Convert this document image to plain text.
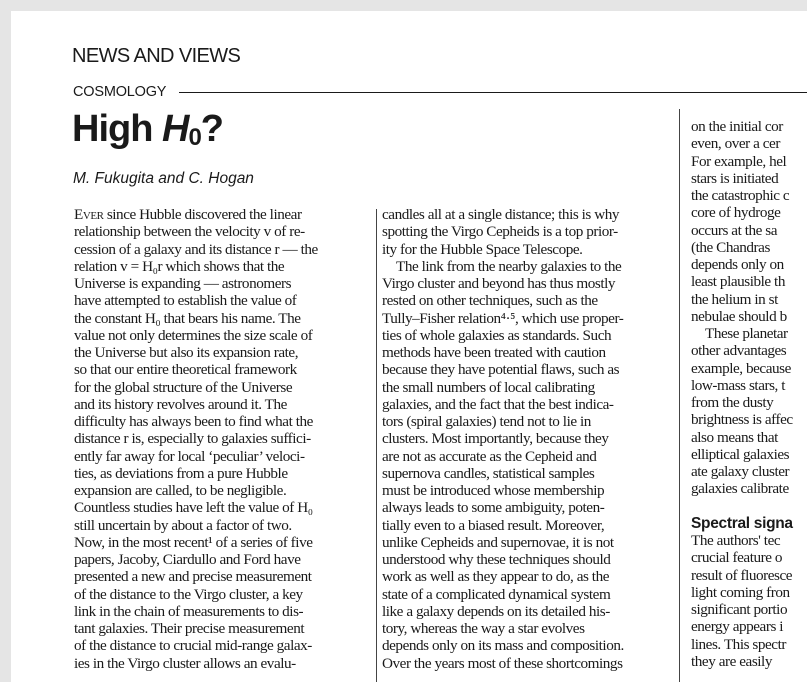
NEWS AND VIEWS
COSMOLOGY
High $H_0$?
M. Fukugita and C. Hogan
Ever since Hubble discovered the linear
relationship between the velocity v of re-
cession of a galaxy and its distance r — the
relation v = H₀r which shows that the
Universe is expanding — astronomers
have attempted to establish the value of
the constant H₀ that bears his name. The
value not only determines the size scale of
the Universe but also its expansion rate,
so that our entire theoretical framework
for the global structure of the Universe
and its history revolves around it. The
difficulty has always been to find what the
distance r is, especially to galaxies suffici-
ently far away for local ‘peculiar’ veloci-
ties, as deviations from a pure Hubble
expansion are called, to be negligible.
Countless studies have left the value of H₀
still uncertain by about a factor of two.
Now, in the most recent¹ of a series of five
papers, Jacoby, Ciardullo and Ford have
presented a new and precise measurement
of the distance to the Virgo cluster, a key
link in the chain of measurements to dis-
tant galaxies. Their precise measurement
of the distance to crucial mid-range galax-
ies in the Virgo cluster allows an evalu-
candles all at a single distance; this is why
spotting the Virgo Cepheids is a top prior-
ity for the Hubble Space Telescope.
The link from the nearby galaxies to the
Virgo cluster and beyond has thus mostly
rested on other techniques, such as the
Tully–Fisher relation⁴·⁵, which use proper-
ties of whole galaxies as standards. Such
methods have been treated with caution
because they have potential flaws, such as
the small numbers of local calibrating
galaxies, and the fact that the best indica-
tors (spiral galaxies) tend not to lie in
clusters. Most importantly, because they
are not as accurate as the Cepheid and
supernova candles, statistical samples
must be introduced whose membership
always leads to some ambiguity, poten-
tially even to a biased result. Moreover,
unlike Cepheids and supernovae, it is not
understood why these techniques should
work as well as they appear to do, as the
state of a complicated dynamical system
like a galaxy depends on its detailed his-
tory, whereas the way a star evolves
depends only on its mass and composition.
Over the years most of these shortcomings
on the initial cor
even, over a cer
For example, hel
stars is initiated
the catastrophic c
core of hydroge
occurs at the sa
(the Chandras
depends only on
least plausible th
the helium in st
nebulae should b
These planetar
other advantages
example, because
low-mass stars, t
from the dusty
brightness is affec
also means that
elliptical galaxies
ate galaxy cluster
galaxies calibrate
Spectral signa
The authors' tec
crucial feature o
result of fluoresce
light coming fron
significant portio
energy appears i
lines. This spectr
they are easily
